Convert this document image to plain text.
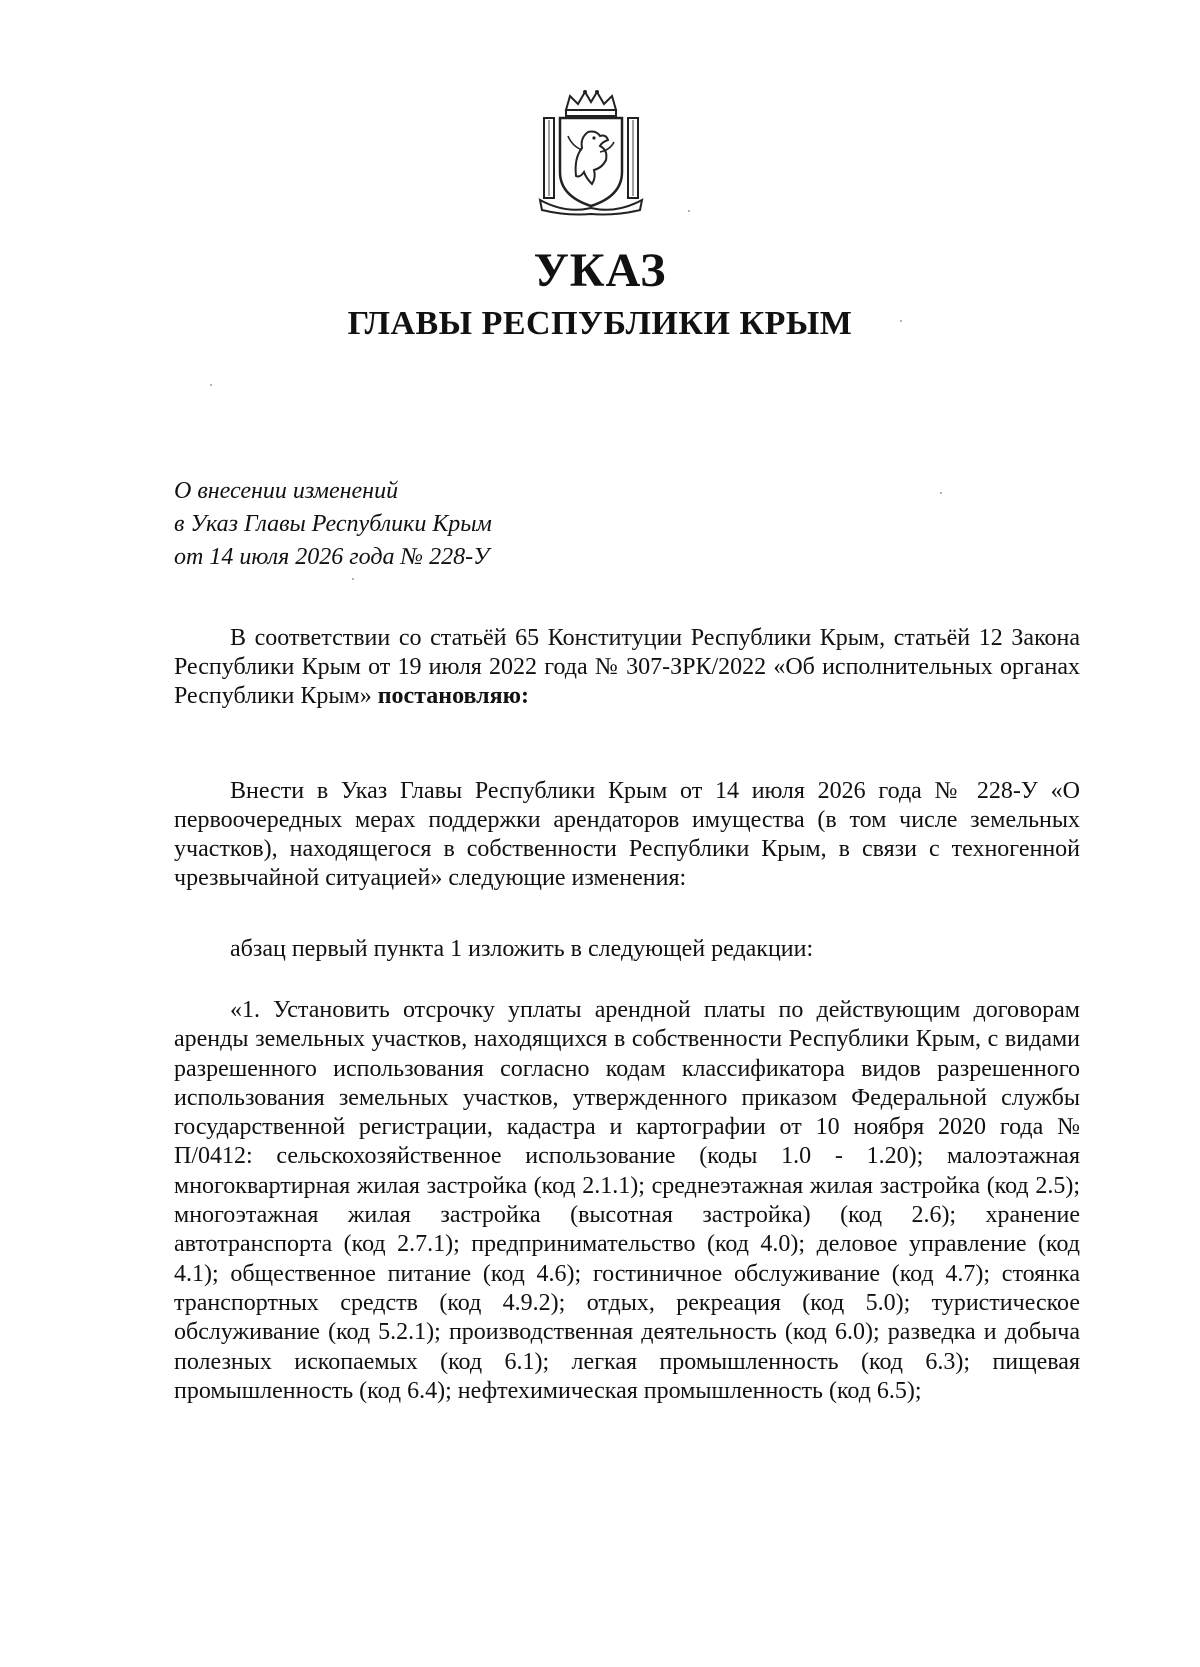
УКАЗ
ГЛАВЫ РЕСПУБЛИКИ КРЫМ
О внесении изменений
в Указ Главы Республики Крым
от 14 июля 2026 года № 228-У

В соответствии со статьёй 65 Конституции Республики Крым, статьёй 12 Закона Республики Крым от 19 июля 2022 года № 307-ЗРК/2022 «Об исполнительных органах Республики Крым» постановляю:

Внести в Указ Главы Республики Крым от 14 июля 2026 года № 228-У «О первоочередных мерах поддержки арендаторов имущества (в том числе земельных участков), находящегося в собственности Республики Крым, в связи с техногенной чрезвычайной ситуацией» следующие изменения:

абзац первый пункта 1 изложить в следующей редакции:

«1. Установить отсрочку уплаты арендной платы по действующим договорам аренды земельных участков, находящихся в собственности Республики Крым, с видами разрешенного использования согласно кодам классификатора видов разрешенного использования земельных участков, утвержденного приказом Федеральной службы государственной регистрации, кадастра и картографии от 10 ноября 2020 года № П/0412: сельскохозяйственное использование (коды 1.0 - 1.20); малоэтажная многоквартирная жилая застройка (код 2.1.1); среднеэтажная жилая застройка (код 2.5); многоэтажная жилая застройка (высотная застройка) (код 2.6); хранение автотранспорта (код 2.7.1); предпринимательство (код 4.0); деловое управление (код 4.1); общественное питание (код 4.6); гостиничное обслуживание (код 4.7); стоянка транспортных средств (код 4.9.2); отдых, рекреация (код 5.0); туристическое обслуживание (код 5.2.1); производственная деятельность (код 6.0); разведка и добыча полезных ископаемых (код 6.1); легкая промышленность (код 6.3); пищевая промышленность (код 6.4); нефтехимическая промышленность (код 6.5);
